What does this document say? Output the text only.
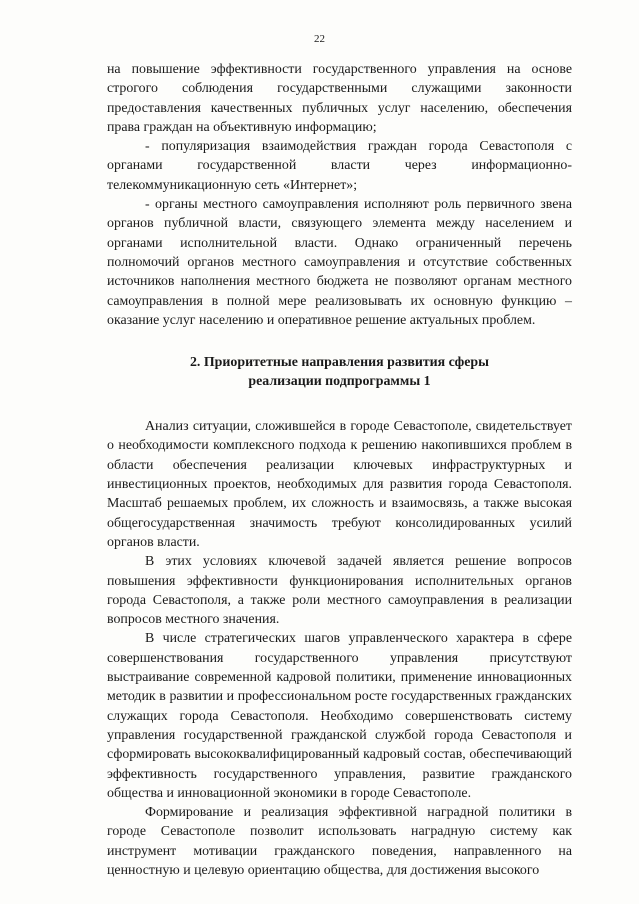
22

на повышение эффективности государственного управления на основе строгого соблюдения государственными служащими законности предоставления качественных публичных услуг населению, обеспечения права граждан на объективную информацию;

- популяризация взаимодействия граждан города Севастополя с органами государственной власти через информационно-телекоммуникационную сеть «Интернет»;

- органы местного самоуправления исполняют роль первичного звена органов публичной власти, связующего элемента между населением и органами исполнительной власти. Однако ограниченный перечень полномочий органов местного самоуправления и отсутствие собственных источников наполнения местного бюджета не позволяют органам местного самоуправления в полной мере реализовывать их основную функцию – оказание услуг населению и оперативное решение актуальных проблем.

2. Приоритетные направления развития сферы
реализации подпрограммы 1

Анализ ситуации, сложившейся в городе Севастополе, свидетельствует о необходимости комплексного подхода к решению накопившихся проблем в области обеспечения реализации ключевых инфраструктурных и инвестиционных проектов, необходимых для развития города Севастополя. Масштаб решаемых проблем, их сложность и взаимосвязь, а также высокая общегосударственная значимость требуют консолидированных усилий органов власти.

В этих условиях ключевой задачей является решение вопросов повышения эффективности функционирования исполнительных органов города Севастополя, а также роли местного самоуправления в реализации вопросов местного значения.

В числе стратегических шагов управленческого характера в сфере совершенствования государственного управления присутствуют выстраивание современной кадровой политики, применение инновационных методик в развитии и профессиональном росте государственных гражданских служащих города Севастополя. Необходимо совершенствовать систему управления государственной гражданской службой города Севастополя и сформировать высококвалифицированный кадровый состав, обеспечивающий эффективность государственного управления, развитие гражданского общества и инновационной экономики в городе Севастополе.

Формирование и реализация эффективной наградной политики в городе Севастополе позволит использовать наградную систему как инструмент мотивации гражданского поведения, направленного на ценностную и целевую ориентацию общества, для достижения высокого
